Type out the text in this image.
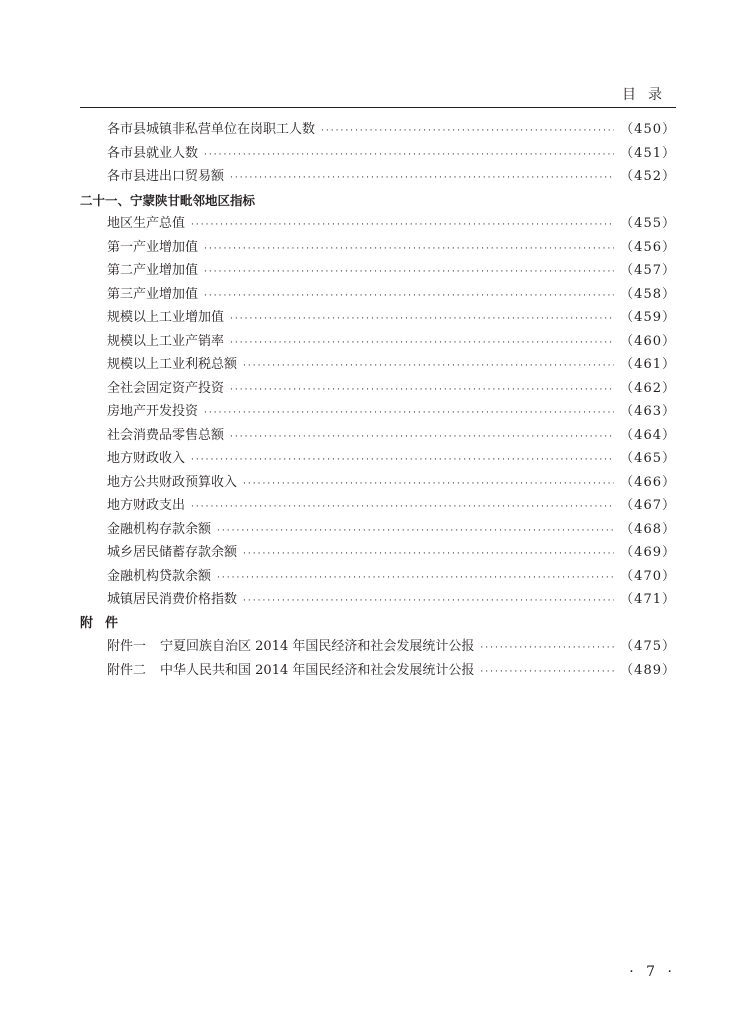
目录
各市县城镇非私营单位在岗职工人数 ·····	（450）
各市县就业人数 ·····	（451）
各市县进出口贸易额 ·····	（452）
二十一、宁蒙陕甘毗邻地区指标
地区生产总值 ·····	（455）
第一产业增加值 ·····	（456）
第二产业增加值 ·····	（457）
第三产业增加值 ·····	（458）
规模以上工业增加值 ·····	（459）
规模以上工业产销率 ·····	（460）
规模以上工业利税总额 ·····	（461）
全社会固定资产投资 ·····	（462）
房地产开发投资 ·····	（463）
社会消费品零售总额 ·····	（464）
地方财政收入 ·····	（465）
地方公共财政预算收入 ·····	（466）
地方财政支出 ·····	（467）
金融机构存款余额 ·····	（468）
城乡居民储蓄存款余额 ·····	（469）
金融机构贷款余额 ·····	（470）
城镇居民消费价格指数 ·····	（471）
附件
附件一 宁夏回族自治区 2014 年国民经济和社会发展统计公报 ·····	（475）
附件二 中华人民共和国 2014 年国民经济和社会发展统计公报 ·····	（489）
· 7 ·
